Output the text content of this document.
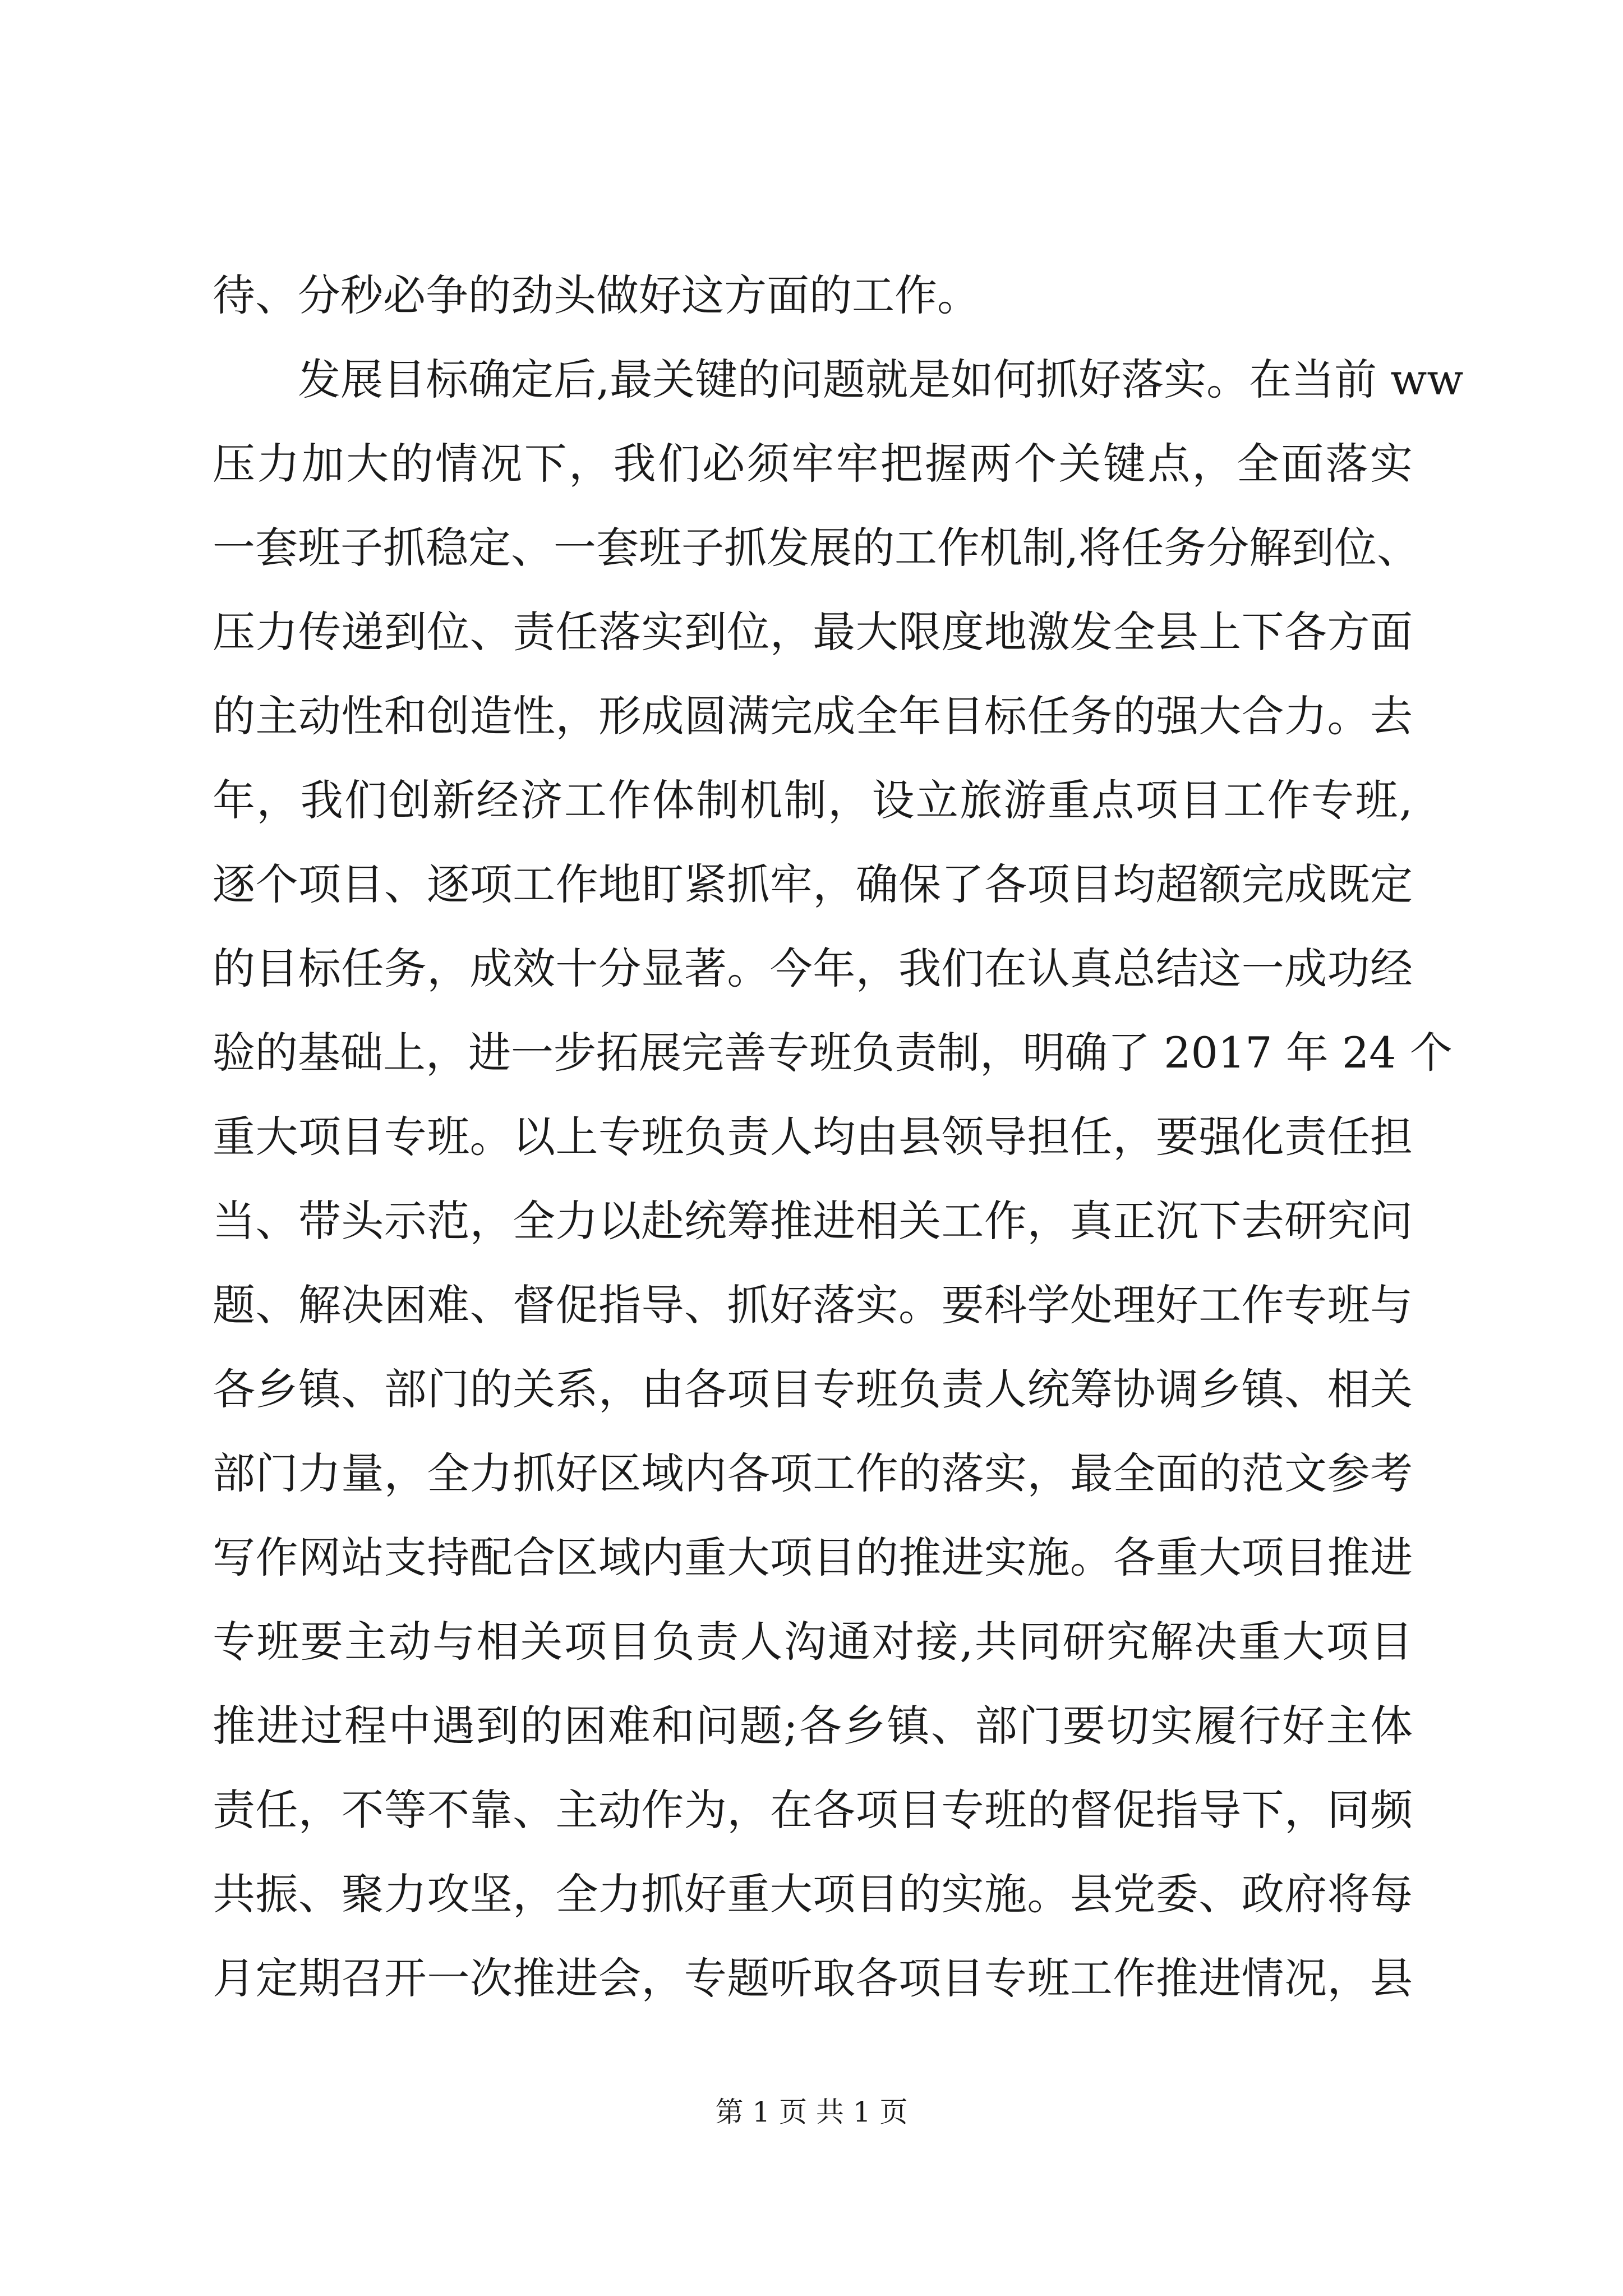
待、分秒必争的劲头做好这方面的工作。
发展目标确定后,最关键的问题就是如何抓好落实。在当前 ww
压力加大的情况下，我们必须牢牢把握两个关键点，全面落实
一套班子抓稳定、一套班子抓发展的工作机制,将任务分解到位、
压力传递到位、责任落实到位，最大限度地激发全县上下各方面
的主动性和创造性，形成圆满完成全年目标任务的强大合力。去
年，我们创新经济工作体制机制，设立旅游重点项目工作专班,
逐个项目、逐项工作地盯紧抓牢，确保了各项目均超额完成既定
的目标任务，成效十分显著。今年，我们在认真总结这一成功经
验的基础上，进一步拓展完善专班负责制，明确了 2017 年 24 个
重大项目专班。以上专班负责人均由县领导担任，要强化责任担
当、带头示范，全力以赴统筹推进相关工作，真正沉下去研究问
题、解决困难、督促指导、抓好落实。要科学处理好工作专班与
各乡镇、部门的关系，由各项目专班负责人统筹协调乡镇、相关
部门力量，全力抓好区域内各项工作的落实，最全面的范文参考
写作网站支持配合区域内重大项目的推进实施。各重大项目推进
专班要主动与相关项目负责人沟通对接,共同研究解决重大项目
推进过程中遇到的困难和问题;各乡镇、部门要切实履行好主体
责任，不等不靠、主动作为，在各项目专班的督促指导下，同频
共振、聚力攻坚，全力抓好重大项目的实施。县党委、政府将每
月定期召开一次推进会，专题听取各项目专班工作推进情况，县
第 1 页 共 1 页
